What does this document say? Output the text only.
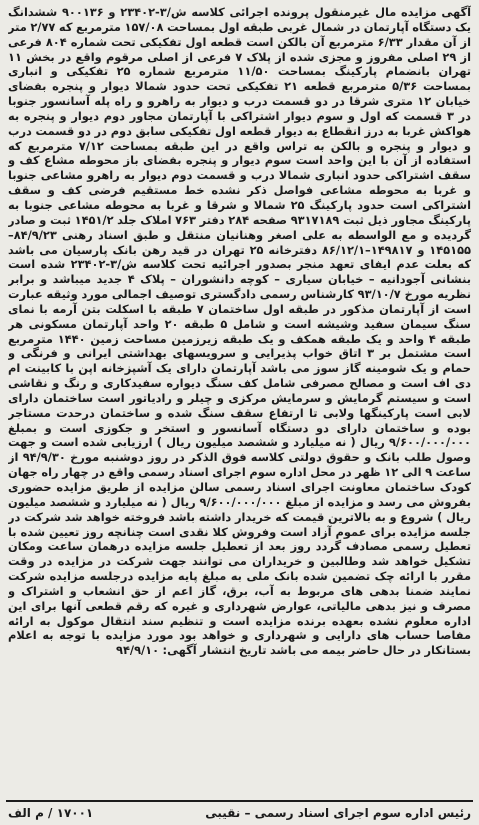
آگهی مزایده مال غیرمنقول پرونده اجرائی کلاسه ش/۳-۲۳۴۰۲ و ۹۰۰۱۳۶ ششدانگ یک دستگاه آپارتمان در شمال غربی طبقه اول بمساحت ۱۵۷/۰۸ مترمربع که ۲/۷۷ متر از آن مقدار ۶/۳۳ مترمربع آن بالکن است قطعه اول تفکیکی تحت شماره ۸۰۴ فرعی از ۲۹ اصلی مفروز و مجزی شده از پلاک ۷ فرعی از اصلی مرقوم واقع در بخش ۱۱ تهران بانضمام پارکینگ بمساحت ۱۱/۵۰ مترمربع شماره ۲۵ تفکیکی و انباری بمساحت ۵/۳۶ مترمربع قطعه ۲۱ تفکیکی تحت حدود شمالا دیوار و پنجره بفضای خیابان ۱۲ متری شرقا در دو قسمت درب و دیوار به راهرو و راه پله آسانسور جنوبا در ۳ قسمت که اول و سوم دیوار اشتراکی با آپارتمان مجاور دوم دیوار و پنجره به هواکش غربا به درز انقطاع به دیوار قطعه اول تفکیکی سابق دوم در دو قسمت درب و دیوار و پنجره و بالکن به تراس واقع در این طبقه بمساحت ۷/۱۲ مترمربع که استفاده از آن با این واحد است سوم دیوار و پنجره بفضای باز محوطه مشاع کف و سقف اشتراکی حدود انباری شمالا درب و قسمت دوم دیوار به راهرو مشاعی جنوبا و غربا به محوطه مشاعی فواصل ذکر نشده خط مستقیم فرضی کف و سقف اشتراکی است حدود پارکینگ ۲۵ شمالا و شرقا و غربا به محوطه مشاعی جنوبا به پارکینگ مجاور ذیل ثبت ۹۳۱۷۱۸۹ صفحه ۲۸۴ دفتر ۷۶۳ املاک جلد ۱۴۵۱/۲ ثبت و صادر گردیده و مع الواسطه به علی اصغر وهنانیان منتقل و طبق اسناد رهنی ۸۴/۹/۲۳–۱۴۵۱۵۵ و ۱۴۹۸۱۷–۸۶/۱۲/۱ دفترخانه ۲۵ تهران در قید رهن بانک پارسیان می باشد که بعلت عدم ایفای تعهد منجر بصدور اجرائیه تحت کلاسه ش/۳-۲۳۴۰۲ شده است بنشانی آجودانیه – خیابان سیاری – کوچه دانشوران – پلاک ۴ جدید میباشد و برابر نظریه مورخ ۹۳/۱۰/۷ کارشناس رسمی دادگستری توصیف اجمالی مورد وثیقه عبارت است از آپارتمان مذکور در طبقه اول ساختمان ۷ طبقه با اسکلت بتن آرمه با نمای سنگ سیمان سفید وشیشه است و شامل ۵ طبقه ۲۰ واحد آپارتمان مسکونی هر طبقه ۴ واحد و یک طبقه همکف و یک طبقه زیرزمین مساحت زمین ۱۴۴۰ مترمربع است مشتمل بر ۳ اتاق خواب پذیرایی و سرویسهای بهداشتی ایرانی و فرنگی و حمام و یک شومینه گاز سوز می باشد آپارتمان دارای یک آشپزخانه اپن با کابینت ام دی اف است و مصالح مصرفی شامل کف سنگ دیواره سفیدکاری و رنگ و نقاشی است و سیستم گرمایش و سرمایش مرکزی و چیلر و رادیاتور است ساختمان دارای لابی است پارکینگها ولابی تا ارتفاع سقف سنگ شده و ساختمان درحدت مستاجر بوده و ساختمان دارای دو دستگاه آسانسور و استخر و جکوزی است و بمبلغ ۹/۶۰۰/۰۰۰/۰۰۰ ریال ( نه میلیارد و ششصد میلیون ریال ) ارزیابی شده است و جهت وصول طلب بانک و حقوق دولتی کلاسه فوق الذکر در روز دوشنبه مورخ ۹۴/۹/۳۰ از ساعت ۹ الی ۱۲ ظهر در محل اداره سوم اجرای اسناد رسمی واقع در چهار راه جهان کودک ساختمان معاونت اجرای اسناد رسمی سالن مزایده از طریق مزایده حضوری بفروش می رسد و مزایده از مبلغ ۹/۶۰۰/۰۰۰/۰۰۰ ریال ( نه میلیارد و ششصد میلیون ریال ) شروع و به بالاترین قیمت که خریدار داشته باشد فروخته خواهد شد شرکت در جلسه مزایده برای عموم آزاد است وفروش کلا نقدی است چنانچه روز تعیین شده با تعطیل رسمی مصادف گردد روز بعد از تعطیل جلسه مزایده درهمان ساعت ومکان تشکیل خواهد شد وطالبین و خریداران می توانند جهت شرکت در مزایده در وقت مقرر با ارائه چک تضمین شده بانک ملی به مبلغ پایه مزایده درجلسه مزایده شرکت نمایند ضمنا بدهی های مربوط به آب، برق، گاز اعم از حق انشعاب و اشتراک و مصرف و نیز بدهی مالیاتی، عوارض شهرداری و غیره که رقم قطعی آنها برای این اداره معلوم نشده بعهده برنده مزایده است و تنظیم سند انتقال موکول به ارائه مفاصا حساب های دارایی و شهرداری و خواهد بود مورد مزایده با توجه به اعلام بستانکار در حال حاضر بیمه می باشد تاریخ انتشار آگهی: ۹۴/۹/۱۰

رئیس اداره سوم اجرای اسناد رسمی – نقیبی
۱۷۰۰۱ / م الف
